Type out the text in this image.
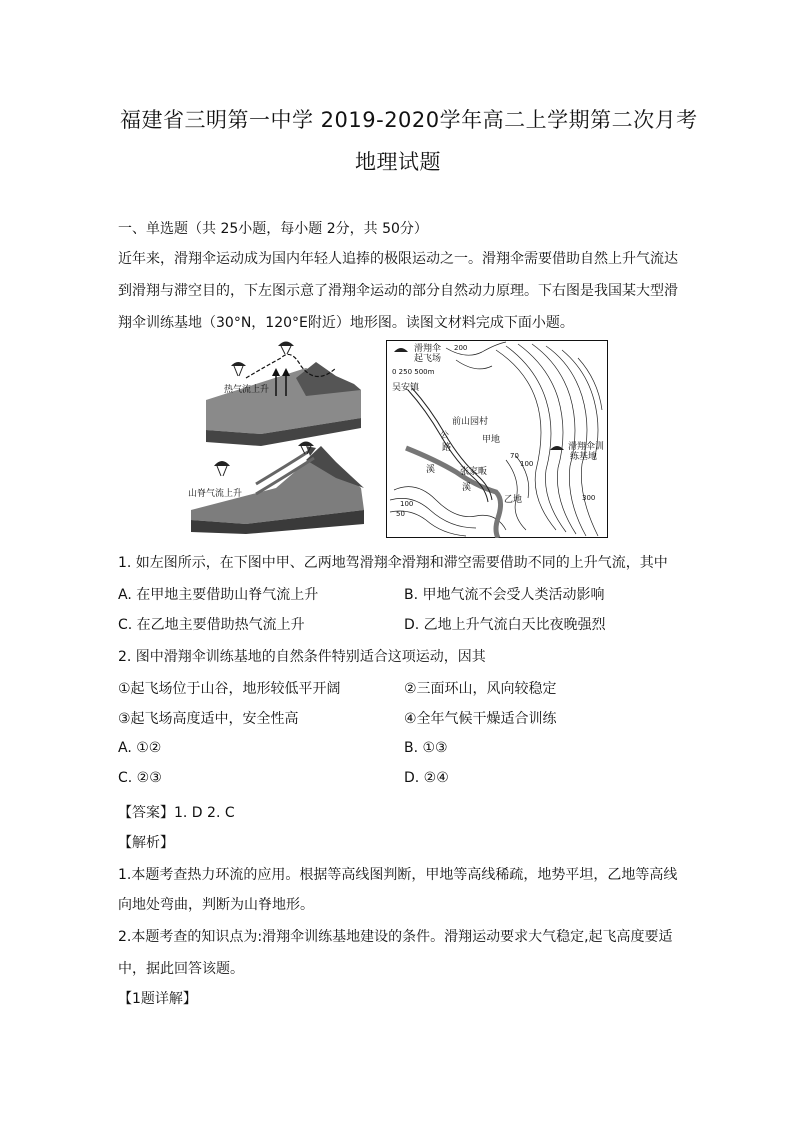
福建省三明第一中学 2019-2020学年高二上学期第二次月考
地理试题
一、单选题（共 25小题，每小题 2分，共 50分）
近年来，滑翔伞运动成为国内年轻人追捧的极限运动之一。滑翔伞需要借助自然上升气流达
到滑翔与滞空目的，下左图示意了滑翔伞运动的部分自然动力原理。下右图是我国某大型滑
翔伞训练基地（30°N，120°E附近）地形图。读图文材料完成下面小题。
热气流上升
山脊气流上升
滑翔伞
起飞场
0 250 500m
滑翔伞训
练基地
吴安镇
前山园村
甲地
乙地
张家畈
公
路
溪
溪
200
100
50
70
100
300
1. 如左图所示，在下图中甲、乙两地驾滑翔伞滑翔和滞空需要借助不同的上升气流，其中
A. 在甲地主要借助山脊气流上升	B. 甲地气流不会受人类活动影响
C. 在乙地主要借助热气流上升	D. 乙地上升气流白天比夜晚强烈
2. 图中滑翔伞训练基地的自然条件特别适合这项运动，因其
①起飞场位于山谷，地形较低平开阔	②三面环山，风向较稳定
③起飞场高度适中，安全性高	④全年气候干燥适合训练
A. ①②	B. ①③
C. ②③	D. ②④
【答案】1. D 2. C
【解析】
1.本题考查热力环流的应用。根据等高线图判断，甲地等高线稀疏，地势平坦，乙地等高线
向地处弯曲，判断为山脊地形。
2.本题考查的知识点为:滑翔伞训练基地建设的条件。滑翔运动要求大气稳定,起飞高度要适
中，据此回答该题。
【1题详解】
